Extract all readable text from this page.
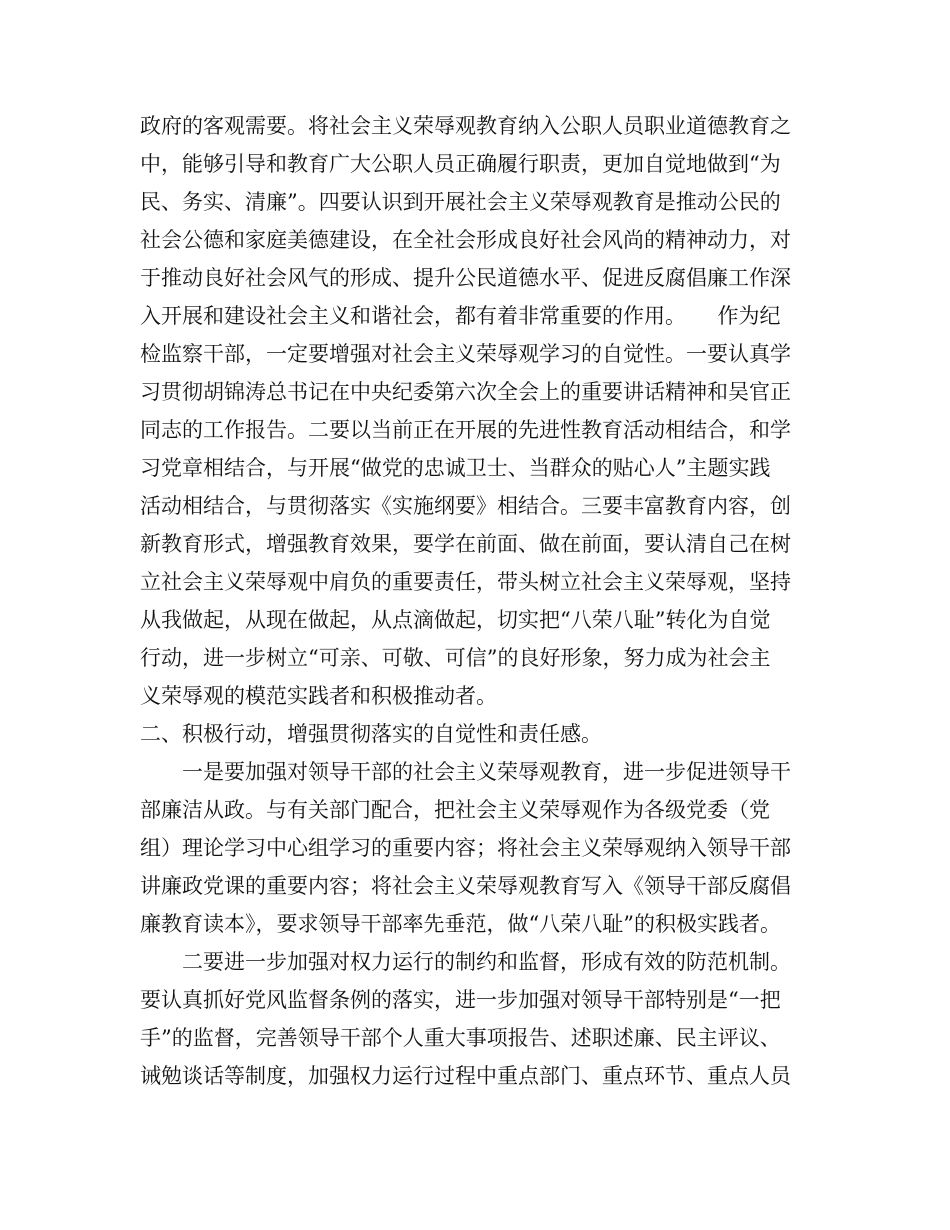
政府的客观需要。将社会主义荣辱观教育纳入公职人员职业道德教育之
中，能够引导和教育广大公职人员正确履行职责，更加自觉地做到“为
民、务实、清廉”。四要认识到开展社会主义荣辱观教育是推动公民的
社会公德和家庭美德建设，在全社会形成良好社会风尚的精神动力，对
于推动良好社会风气的形成、提升公民道德水平、促进反腐倡廉工作深
入开展和建设社会主义和谐社会，都有着非常重要的作用。　　作为纪
检监察干部，一定要增强对社会主义荣辱观学习的自觉性。一要认真学
习贯彻胡锦涛总书记在中央纪委第六次全会上的重要讲话精神和吴官正
同志的工作报告。二要以当前正在开展的先进性教育活动相结合，和学
习党章相结合，与开展“做党的忠诚卫士、当群众的贴心人”主题实践
活动相结合，与贯彻落实《实施纲要》相结合。三要丰富教育内容，创
新教育形式，增强教育效果，要学在前面、做在前面，要认清自己在树
立社会主义荣辱观中肩负的重要责任，带头树立社会主义荣辱观，坚持
从我做起，从现在做起，从点滴做起，切实把“八荣八耻”转化为自觉
行动，进一步树立“可亲、可敬、可信”的良好形象，努力成为社会主
义荣辱观的模范实践者和积极推动者。
二、积极行动，增强贯彻落实的自觉性和责任感。
　　一是要加强对领导干部的社会主义荣辱观教育，进一步促进领导干
部廉洁从政。与有关部门配合，把社会主义荣辱观作为各级党委（党
组）理论学习中心组学习的重要内容；将社会主义荣辱观纳入领导干部
讲廉政党课的重要内容；将社会主义荣辱观教育写入《领导干部反腐倡
廉教育读本》，要求领导干部率先垂范，做“八荣八耻”的积极实践者。
　　二要进一步加强对权力运行的制约和监督，形成有效的防范机制。
要认真抓好党风监督条例的落实，进一步加强对领导干部特别是“一把
手”的监督，完善领导干部个人重大事项报告、述职述廉、民主评议、
诫勉谈话等制度，加强权力运行过程中重点部门、重点环节、重点人员
